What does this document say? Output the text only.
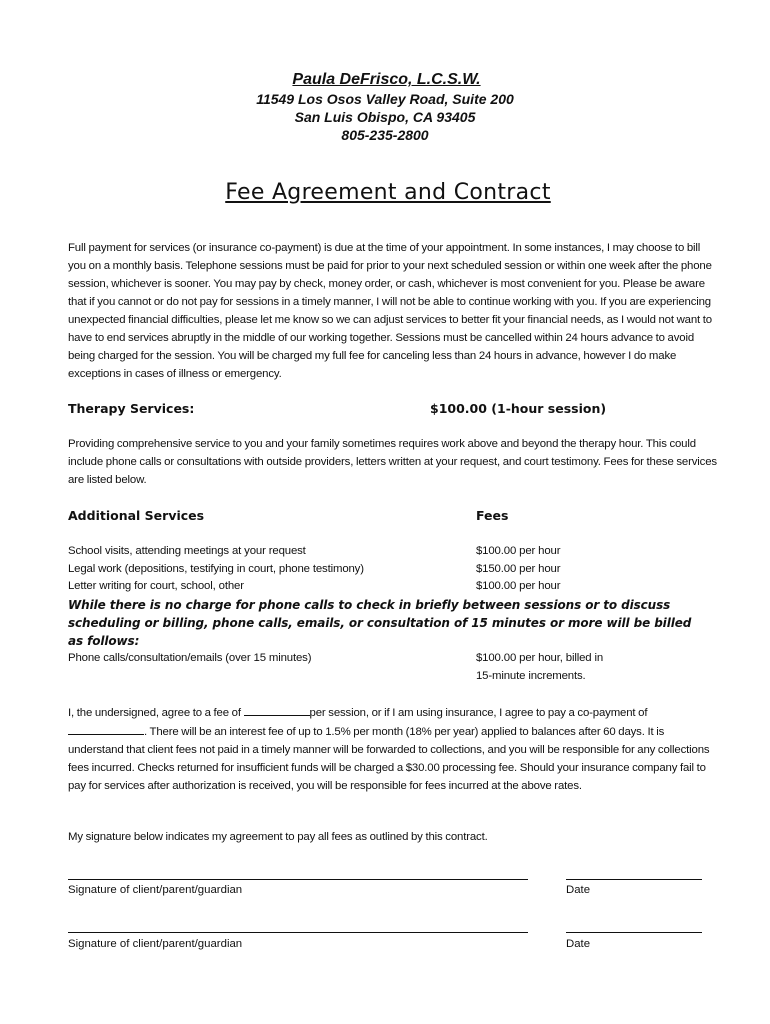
Paula DeFrisco, L.C.S.W.
11549 Los Osos Valley Road, Suite 200
San Luis Obispo, CA 93405
805-235-2800
Fee Agreement and Contract
Full payment for services (or insurance co-payment) is due at the time of your appointment. In some instances, I may choose to bill you on a monthly basis. Telephone sessions must be paid for prior to your next scheduled session or within one week after the phone session, whichever is sooner. You may pay by check, money order, or cash, whichever is most convenient for you. Please be aware that if you cannot or do not pay for sessions in a timely manner, I will not be able to continue working with you. If you are experiencing unexpected financial difficulties, please let me know so we can adjust services to better fit your financial needs, as I would not want to have to end services abruptly in the middle of our working together. Sessions must be cancelled within 24 hours advance to avoid being charged for the session. You will be charged my full fee for canceling less than 24 hours in advance, however I do make exceptions in cases of illness or emergency.
Therapy Services:	$100.00 (1-hour session)
Providing comprehensive service to you and your family sometimes requires work above and beyond the therapy hour. This could include phone calls or consultations with outside providers, letters written at your request, and court testimony. Fees for these services are listed below.
Additional Services	Fees
School visits, attending meetings at your request	$100.00 per hour
Legal work (depositions, testifying in court, phone testimony)	$150.00 per hour
Letter writing for court, school, other	$100.00 per hour
While there is no charge for phone calls to check in briefly between sessions or to discuss scheduling or billing, phone calls, emails, or consultation of 15 minutes or more will be billed as follows:
Phone calls/consultation/emails (over 15 minutes)	$100.00 per hour, billed in
15-minute increments.
I, the undersigned, agree to a fee of	per session, or if I am using insurance, I agree to pay a co-payment of . There will be an interest fee of up to 1.5% per month (18% per year) applied to balances after 60 days. It is understand that client fees not paid in a timely manner will be forwarded to collections, and you will be responsible for any collections fees incurred. Checks returned for insufficient funds will be charged a $30.00 processing fee. Should your insurance company fail to pay for services after authorization is received, you will be responsible for fees incurred at the above rates.
My signature below indicates my agreement to pay all fees as outlined by this contract.
Signature of client/parent/guardian	Date
Signature of client/parent/guardian	Date
